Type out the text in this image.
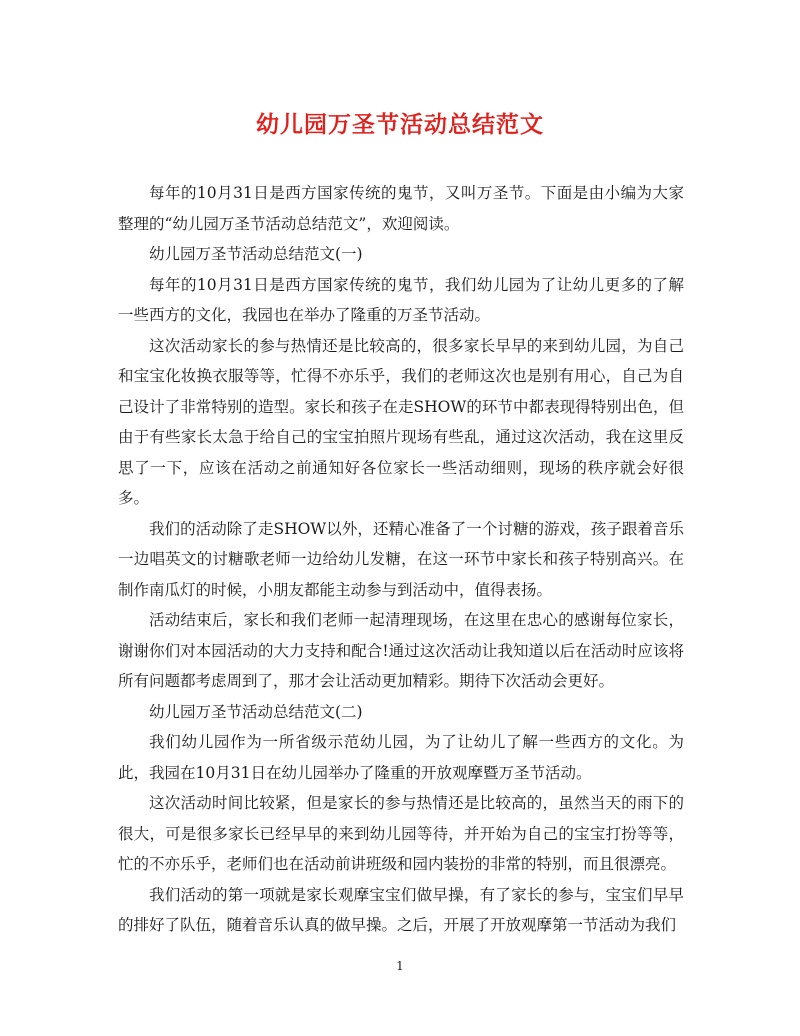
幼儿园万圣节活动总结范文

每年的10月31日是西方国家传统的鬼节，又叫万圣节。下面是由小编为大家整理的“幼儿园万圣节活动总结范文”，欢迎阅读。

幼儿园万圣节活动总结范文(一)

每年的10月31日是西方国家传统的鬼节，我们幼儿园为了让幼儿更多的了解一些西方的文化，我园也在举办了隆重的万圣节活动。

这次活动家长的参与热情还是比较高的，很多家长早早的来到幼儿园，为自己和宝宝化妆换衣服等等，忙得不亦乐乎，我们的老师这次也是别有用心，自己为自己设计了非常特别的造型。家长和孩子在走SHOW的环节中都表现得特别出色，但由于有些家长太急于给自己的宝宝拍照片现场有些乱，通过这次活动，我在这里反思了一下，应该在活动之前通知好各位家长一些活动细则，现场的秩序就会好很多。

我们的活动除了走SHOW以外，还精心准备了一个讨糖的游戏，孩子跟着音乐一边唱英文的讨糖歌老师一边给幼儿发糖，在这一环节中家长和孩子特别高兴。在制作南瓜灯的时候，小朋友都能主动参与到活动中，值得表扬。

活动结束后，家长和我们老师一起清理现场，在这里在忠心的感谢每位家长，谢谢你们对本园活动的大力支持和配合!通过这次活动让我知道以后在活动时应该将所有问题都考虑周到了，那才会让活动更加精彩。期待下次活动会更好。

幼儿园万圣节活动总结范文(二)

我们幼儿园作为一所省级示范幼儿园，为了让幼儿了解一些西方的文化。为此，我园在10月31日在幼儿园举办了隆重的开放观摩暨万圣节活动。

这次活动时间比较紧，但是家长的参与热情还是比较高的，虽然当天的雨下的很大，可是很多家长已经早早的来到幼儿园等待，并开始为自己的宝宝打扮等等，忙的不亦乐乎，老师们也在活动前讲班级和园内装扮的非常的特别，而且很漂亮。

我们活动的第一项就是家长观摩宝宝们做早操，有了家长的参与，宝宝们早早的排好了队伍，随着音乐认真的做早操。之后，开展了开放观摩第一节活动为我们

1
